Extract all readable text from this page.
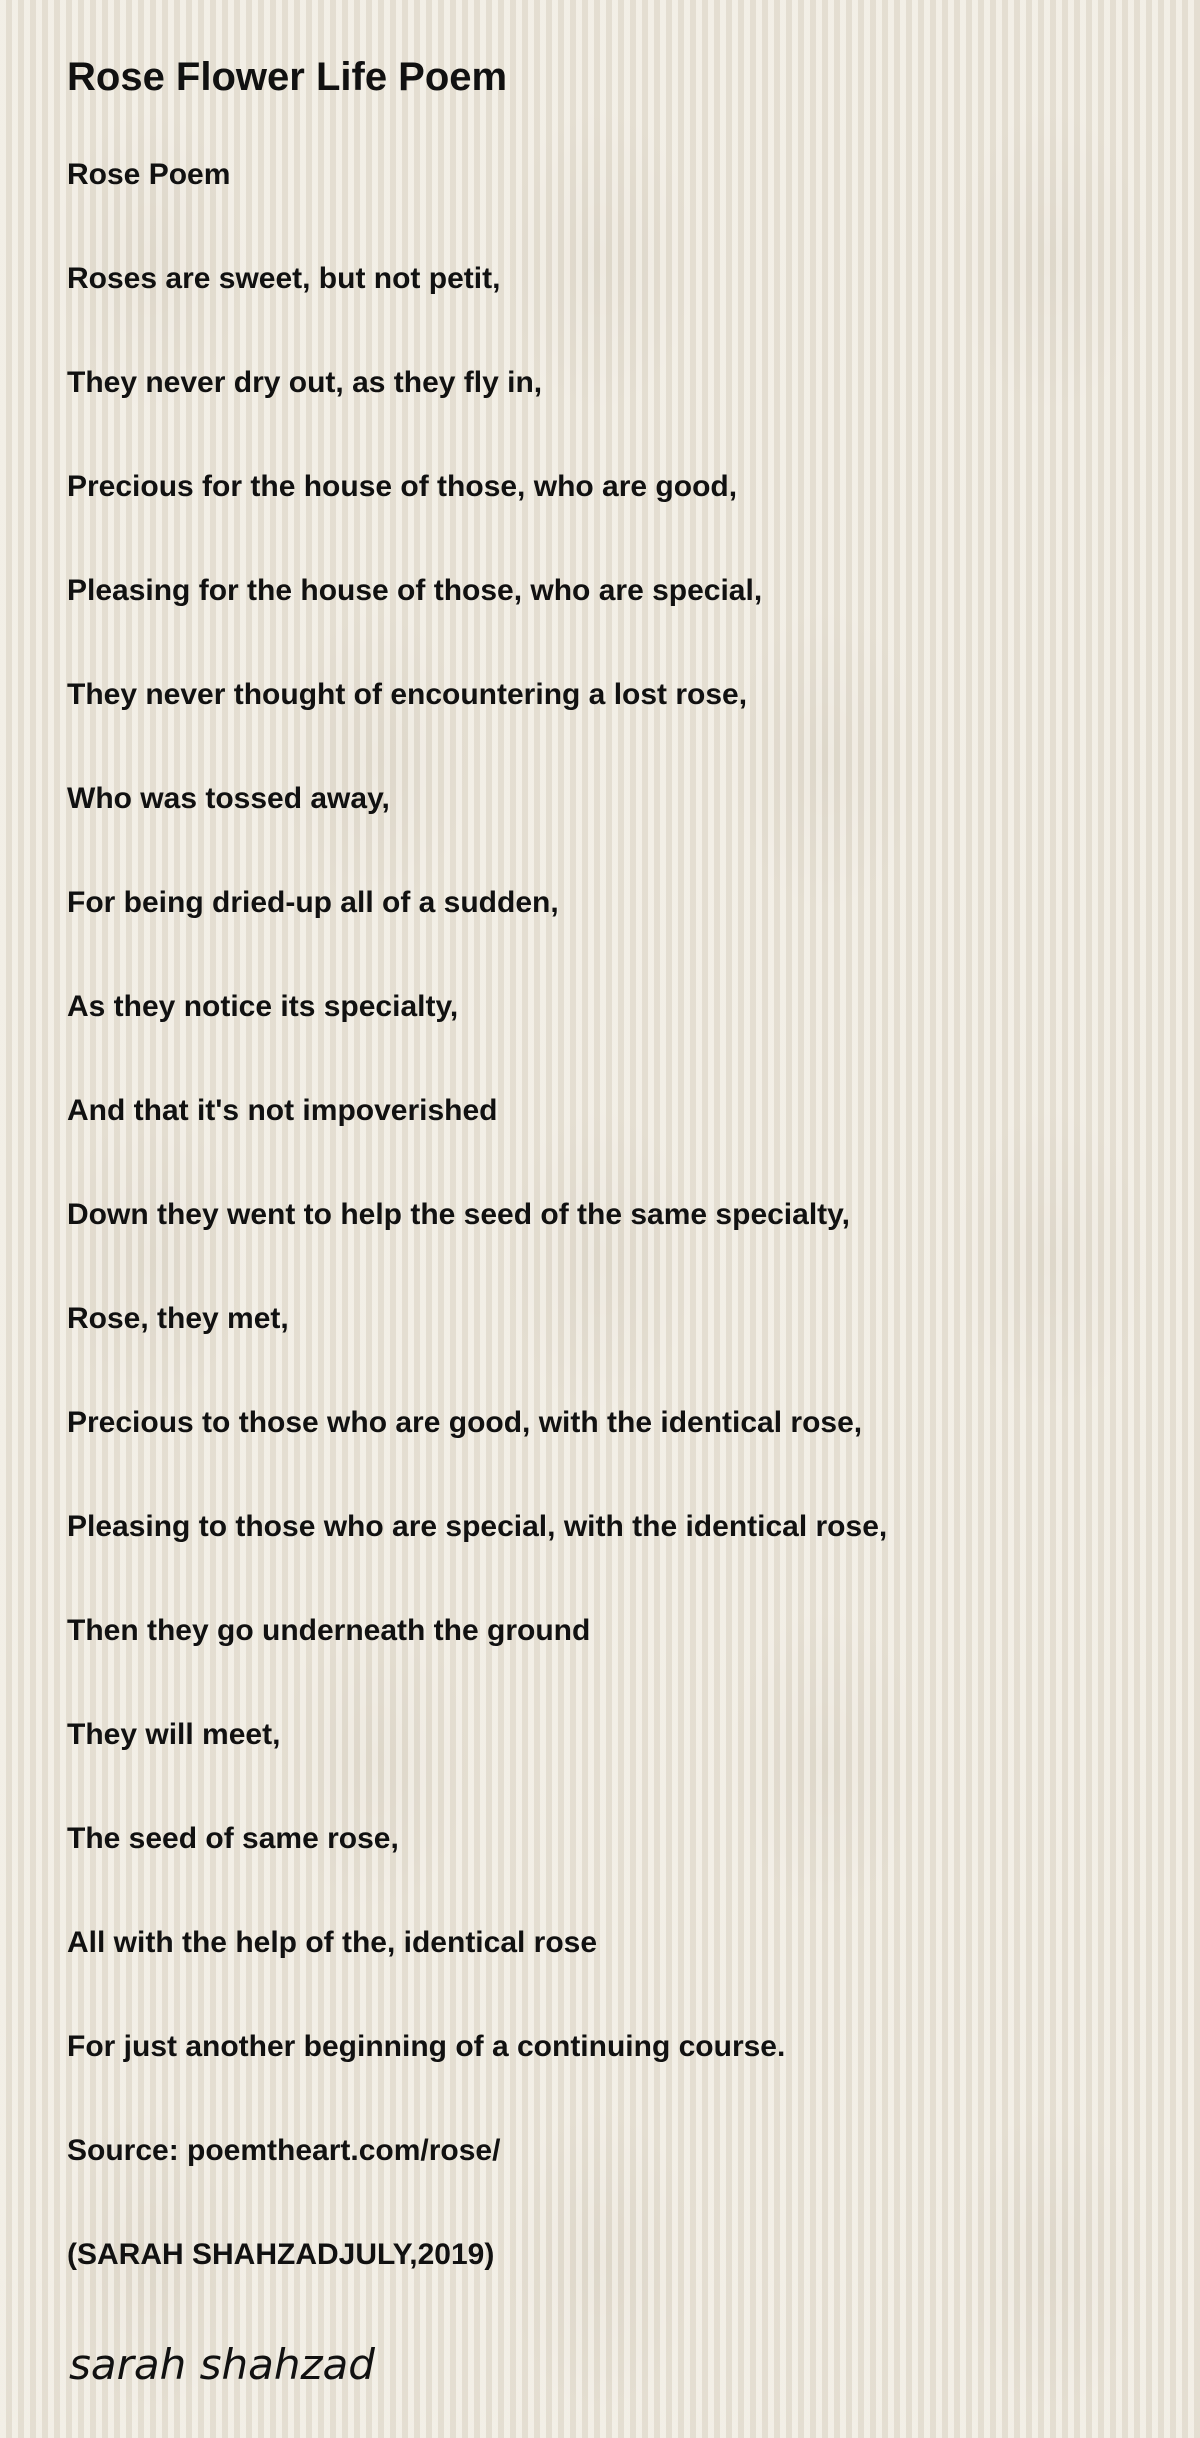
Rose Flower Life Poem
Rose Poem
Roses are sweet, but not petit,
They never dry out, as they fly in,
Precious for the house of those, who are good,
Pleasing for the house of those, who are special,
They never thought of encountering a lost rose,
Who was tossed away,
For being dried-up all of a sudden,
As they notice its specialty,
And that it's not impoverished
Down they went to help the seed of the same specialty,
Rose, they met,
Precious to those who are good, with the identical rose,
Pleasing to those who are special, with the identical rose,
Then they go underneath the ground
They will meet,
The seed of same rose,
All with the help of the, identical rose
For just another beginning of a continuing course.
Source: poemtheart.com/rose/
(SARAH SHAHZADJULY,2019)

sarah shahzad
